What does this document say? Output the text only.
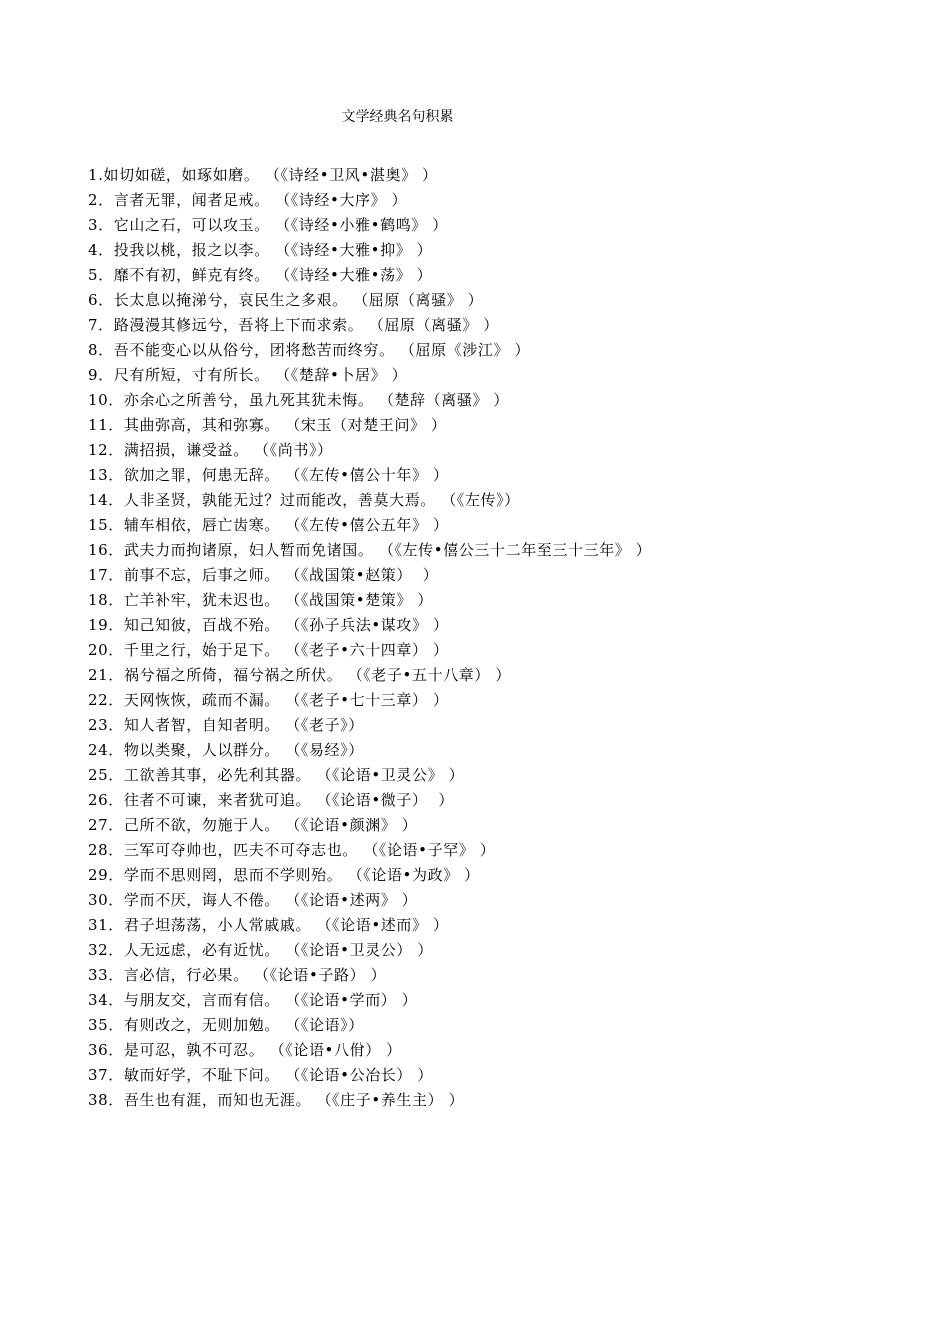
文学经典名句积累
1.如切如磋，如琢如磨。 （《诗经•卫风•湛奥》 ）
2．言者无罪，闻者足戒。 （《诗经•大序》 ）
3．它山之石，可以攻玉。 （《诗经•小雅•鹤鸣》 ）
4．投我以桃，报之以李。 （《诗经•大雅•抑》 ）
5．靡不有初，鲜克有终。 （《诗经•大雅•荡》 ）
6．长太息以掩涕兮，哀民生之多艰。 （屈原（离骚》 ）
7．路漫漫其修远兮，吾将上下而求索。 （屈原（离骚》 ）
8．吾不能变心以从俗兮，团将愁苦而终穷。 （屈原《涉江》 ）
9．尺有所短，寸有所长。 （《楚辞•卜居》 ）
10．亦余心之所善兮，虽九死其犹未悔。 （楚辞（离骚》 ）
11．其曲弥高，其和弥寡。 （宋玉（对楚王问》 ）
12．满招损，谦受益。 （《尚书》）
13．欲加之罪，何患无辞。 （《左传•僖公十年》 ）
14．人非圣贤，孰能无过？过而能改，善莫大焉。 （《左传》）
15．辅车相依，唇亡齿寒。 （《左传•僖公五年》 ）
16．武夫力而拘诸原，妇人暂而免诸国。 （《左传•僖公三十二年至三十三年》 ）
17．前事不忘，后事之师。 （《战国策•赵策）  ）
18．亡羊补牢，犹未迟也。 （《战国策•楚策》 ）
19．知己知彼，百战不殆。 （《孙子兵法•谋攻》 ）
20．千里之行，始于足下。 （《老子•六十四章） ）
21．祸兮福之所倚，福兮祸之所伏。 （《老子•五十八章） ）
22．天网恢恢，疏而不漏。 （《老子•七十三章） ）
23．知人者智，自知者明。 （《老子》）
24．物以类聚，人以群分。 （《易经》）
25．工欲善其事，必先利其器。 （《论语•卫灵公》 ）
26．往者不可谏，来者犹可追。 （《论语•微子）  ）
27．己所不欲，勿施于人。 （《论语•颜渊》 ）
28．三军可夺帅也，匹夫不可夺志也。 （《论语•子罕》 ）
29．学而不思则罔，思而不学则殆。 （《论语•为政》 ）
30．学而不厌，诲人不倦。 （《论语•述两》 ）
31．君子坦荡荡，小人常戚戚。 （《论语•述而》 ）
32．人无远虑，必有近忧。 （《论语•卫灵公） ）
33．言必信，行必果。 （《论语•子路） ）
34．与朋友交，言而有信。 （《论语•学而） ）
35．有则改之，无则加勉。 （《论语》）
36．是可忍，孰不可忍。 （《论语•八佾） ）
37．敏而好学，不耻下问。 （《论语•公冶长） ）
38．吾生也有涯，而知也无涯。 （《庄子•养生主） ）
